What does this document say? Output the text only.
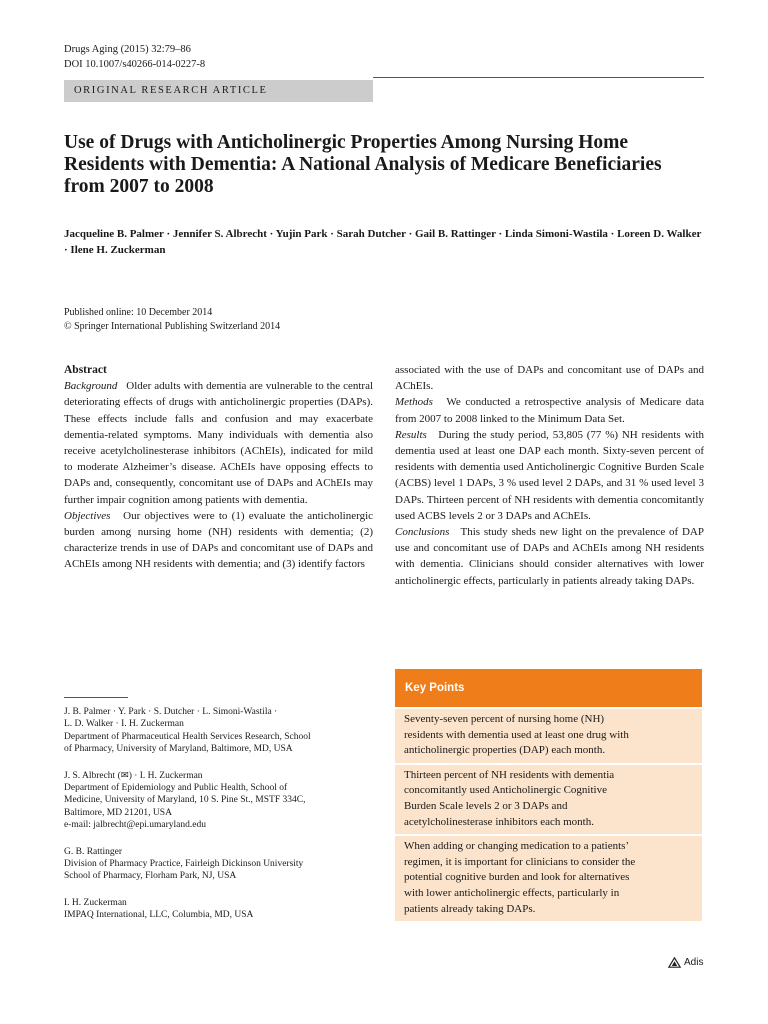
Drugs Aging (2015) 32:79–86
DOI 10.1007/s40266-014-0227-8
ORIGINAL RESEARCH ARTICLE
Use of Drugs with Anticholinergic Properties Among Nursing Home Residents with Dementia: A National Analysis of Medicare Beneficiaries from 2007 to 2008

Jacqueline B. Palmer · Jennifer S. Albrecht · Yujin Park · Sarah Dutcher · Gail B. Rattinger · Linda Simoni-Wastila · Loreen D. Walker · Ilene H. Zuckerman

Published online: 10 December 2014
© Springer International Publishing Switzerland 2014

Abstract
Background Older adults with dementia are vulnerable to the central deteriorating effects of drugs with anticholinergic properties (DAPs). These effects include falls and confusion and may exacerbate dementia-related symptoms. Many individuals with dementia also receive acetylcholinesterase inhibitors (AChEIs), indicated for mild to moderate Alzheimer’s disease. AChEIs have opposing effects to DAPs and, consequently, concomitant use of DAPs and AChEIs may further impair cognition among patients with dementia.
Objectives Our objectives were to (1) evaluate the anticholinergic burden among nursing home (NH) residents with dementia; (2) characterize trends in use of DAPs and concomitant use of DAPs and AChEIs among NH residents with dementia; and (3) identify factors

associated with the use of DAPs and concomitant use of DAPs and AChEIs.
Methods We conducted a retrospective analysis of Medicare data from 2007 to 2008 linked to the Minimum Data Set.
Results During the study period, 53,805 (77 %) NH residents with dementia used at least one DAP each month. Sixty-seven percent of residents with dementia used Anticholinergic Cognitive Burden Scale (ACBS) level 1 DAPs, 3 % used level 2 DAPs, and 31 % used level 3 DAPs. Thirteen percent of NH residents with dementia concomitantly used ACBS levels 2 or 3 DAPs and AChEIs.
Conclusions This study sheds new light on the prevalence of DAP use and concomitant use of DAPs and AChEIs among NH residents with dementia. Clinicians should consider alternatives with lower anticholinergic effects, particularly in patients already taking DAPs.

J. B. Palmer · Y. Park · S. Dutcher · L. Simoni-Wastila ·
L. D. Walker · I. H. Zuckerman
Department of Pharmaceutical Health Services Research, School
of Pharmacy, University of Maryland, Baltimore, MD, USA
J. S. Albrecht (✉) · I. H. Zuckerman
Department of Epidemiology and Public Health, School of
Medicine, University of Maryland, 10 S. Pine St., MSTF 334C,
Baltimore, MD 21201, USA
e-mail: jalbrecht@epi.umaryland.edu
G. B. Rattinger
Division of Pharmacy Practice, Fairleigh Dickinson University
School of Pharmacy, Florham Park, NJ, USA
I. H. Zuckerman
IMPAQ International, LLC, Columbia, MD, USA
Key Points
Seventy-seven percent of nursing home (NH)
residents with dementia used at least one drug with
anticholinergic properties (DAP) each month.
Thirteen percent of NH residents with dementia
concomitantly used Anticholinergic Cognitive
Burden Scale levels 2 or 3 DAPs and
acetylcholinesterase inhibitors each month.
When adding or changing medication to a patients’
regimen, it is important for clinicians to consider the
potential cognitive burden and look for alternatives
with lower anticholinergic effects, particularly in
patients already taking DAPs.
Adis
